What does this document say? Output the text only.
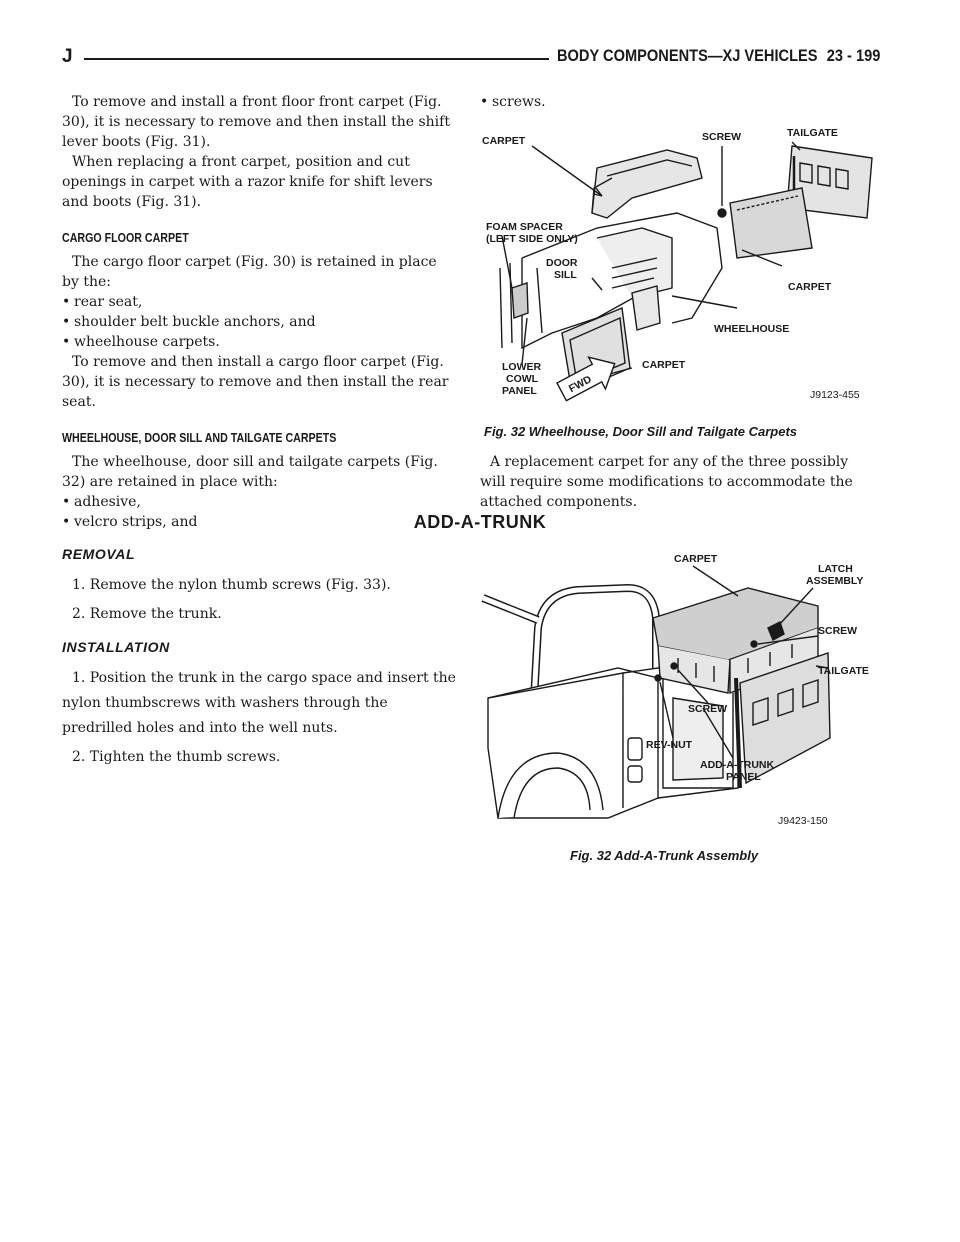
J	BODY COMPONENTS—XJ VEHICLES 23 - 199

To remove and install a front floor front carpet (Fig. 30), it is necessary to remove and then install the shift lever boots (Fig. 31).

When replacing a front carpet, position and cut openings in carpet with a razor knife for shift levers and boots (Fig. 31).

CARGO FLOOR CARPET

The cargo floor carpet (Fig. 30) is retained in place by the:

• rear seat,

• shoulder belt buckle anchors, and

• wheelhouse carpets.

To remove and then install a cargo floor carpet (Fig. 30), it is necessary to remove and then install the rear seat.

WHEELHOUSE, DOOR SILL AND TAILGATE CARPETS

The wheelhouse, door sill and tailgate carpets (Fig. 32) are retained in place with:

• adhesive,

• velcro strips, and

• screws.

FWD
CARPET	SCREW	TAILGATE
FOAM SPACER
(LEFT SIDE ONLY)
DOOR
SILL
CARPET
WHEELHOUSE
LOWER
COWL
PANEL
CARPET
J9123-455
Fig. 32 Wheelhouse, Door Sill and Tailgate Carpets

A replacement carpet for any of the three possibly will require some modifications to accommodate the attached components.

ADD-A-TRUNK

REMOVAL

1. Remove the nylon thumb screws (Fig. 33).

2. Remove the trunk.

INSTALLATION

1. Position the trunk in the cargo space and insert the nylon thumbscrews with washers through the predrilled holes and into the well nuts.

2. Tighten the thumb screws.

CARPET
LATCH
ASSEMBLY
SCREW
TAILGATE
SCREW
REV-NUT
ADD-A-TRUNK
PANEL
J9423-150
Fig. 32 Add-A-Trunk Assembly
